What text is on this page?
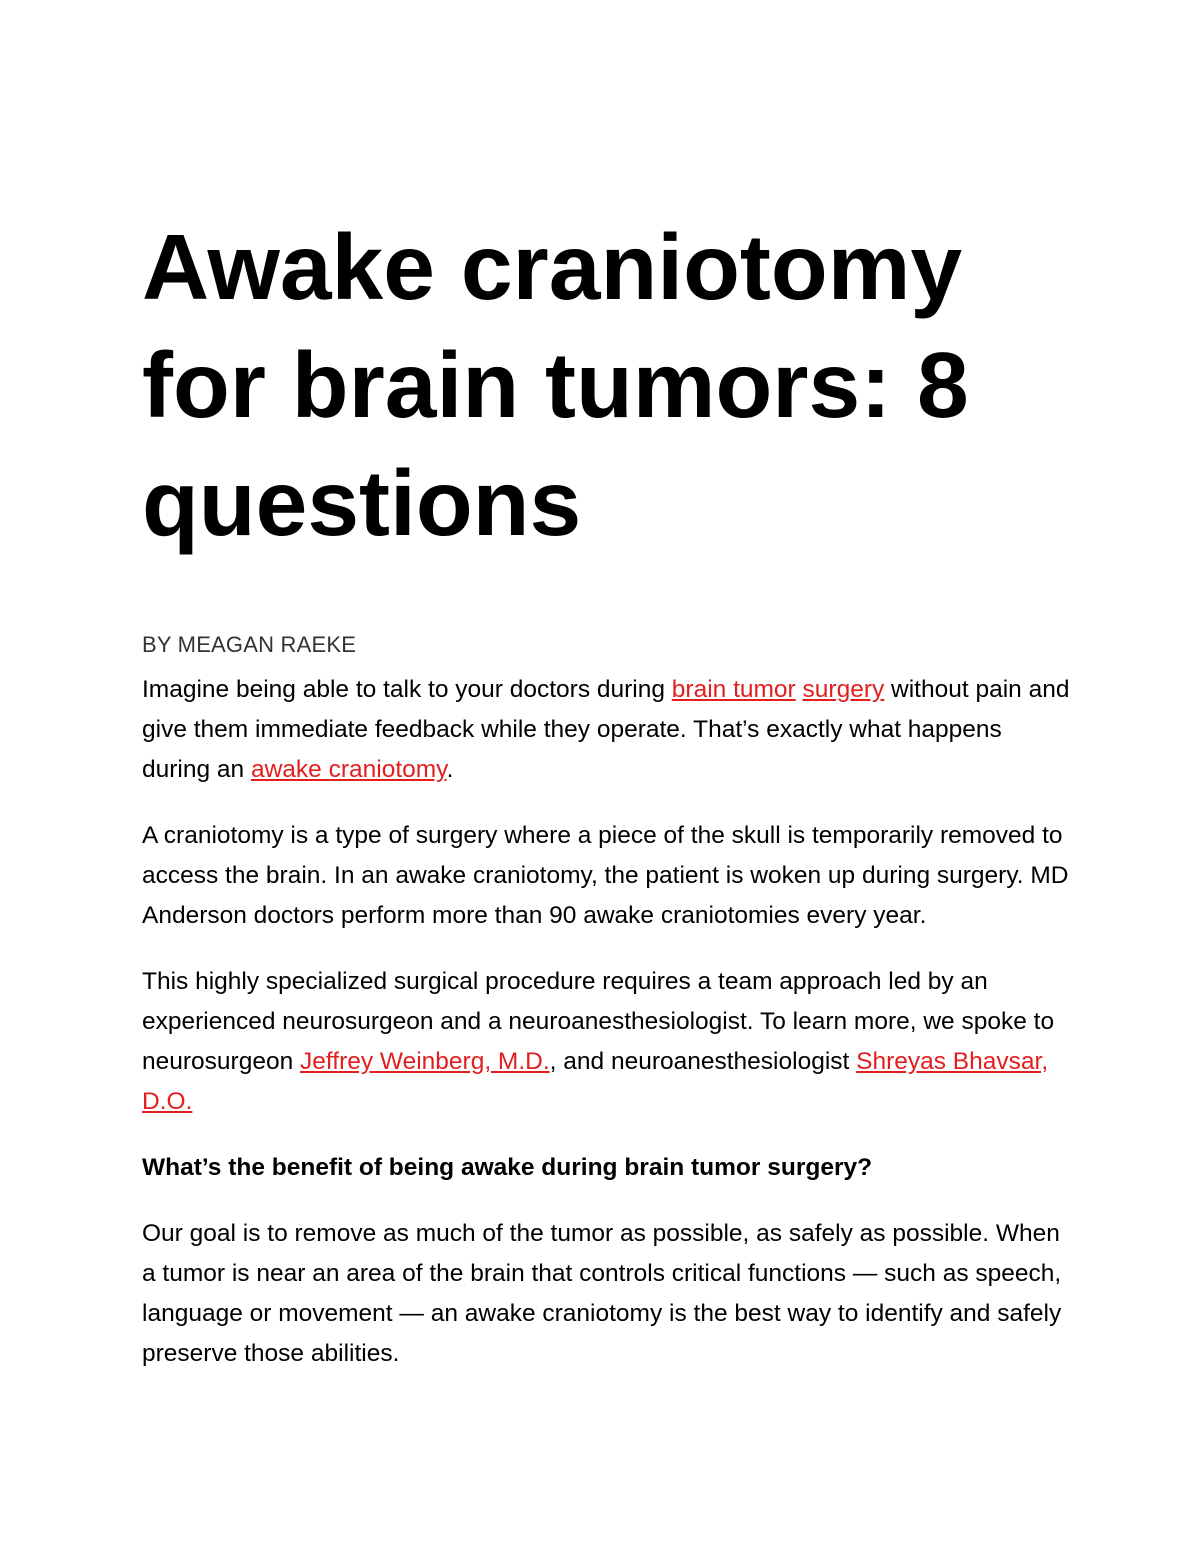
Awake craniotomy for brain tumors: 8 questions
BY MEAGAN RAEKE

Imagine being able to talk to your doctors during brain tumor surgery without pain and give them immediate feedback while they operate. That’s exactly what happens during an awake craniotomy.

A craniotomy is a type of surgery where a piece of the skull is temporarily removed to access the brain. In an awake craniotomy, the patient is woken up during surgery. MD Anderson doctors perform more than 90 awake craniotomies every year.

This highly specialized surgical procedure requires a team approach led by an experienced neurosurgeon and a neuroanesthesiologist. To learn more, we spoke to neurosurgeon Jeffrey Weinberg, M.D., and neuroanesthesiologist Shreyas Bhavsar, D.O.

What’s the benefit of being awake during brain tumor surgery?

Our goal is to remove as much of the tumor as possible, as safely as possible. When a tumor is near an area of the brain that controls critical functions — such as speech, language or movement — an awake craniotomy is the best way to identify and safely preserve those abilities.
